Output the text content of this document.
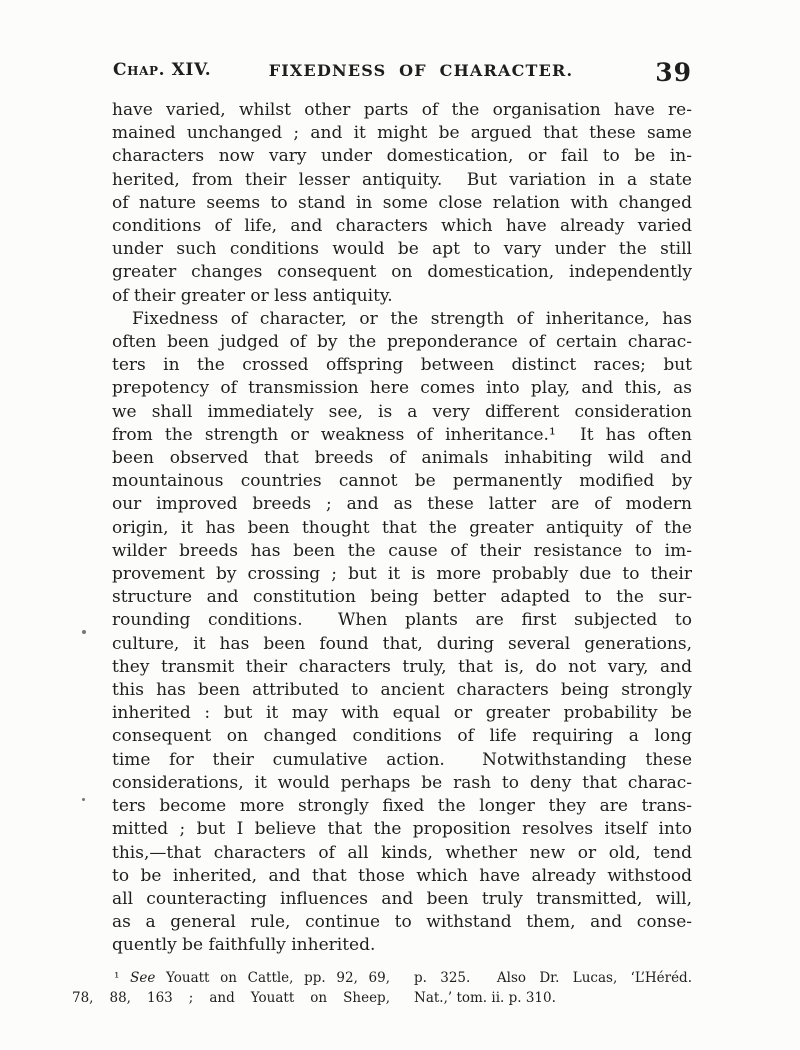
Chap. XIV.	FIXEDNESS OF CHARACTER.	39
have varied, whilst other parts of the organisation have re-
mained unchanged ; and it might be argued that these same
characters now vary under domestication, or fail to be in-
herited, from their lesser antiquity.  But variation in a state
of nature seems to stand in some close relation with changed
conditions of life, and characters which have already varied
under such conditions would be apt to vary under the still
greater changes consequent on domestication, independently
of their greater or less antiquity.
Fixedness of character, or the strength of inheritance, has
often been judged of by the preponderance of certain charac-
ters in the crossed offspring between distinct races; but
prepotency of transmission here comes into play, and this, as
we shall immediately see, is a very different consideration
from the strength or weakness of inheritance.¹  It has often
been observed that breeds of animals inhabiting wild and
mountainous countries cannot be permanently modified by
our improved breeds ; and as these latter are of modern
origin, it has been thought that the greater antiquity of the
wilder breeds has been the cause of their resistance to im-
provement by crossing ; but it is more probably due to their
structure and constitution being better adapted to the sur-
rounding conditions.  When plants are first subjected to
culture, it has been found that, during several generations,
they transmit their characters truly, that is, do not vary, and
this has been attributed to ancient characters being strongly
inherited : but it may with equal or greater probability be
consequent on changed conditions of life requiring a long
time for their cumulative action.  Notwithstanding these
considerations, it would perhaps be rash to deny that charac-
ters become more strongly fixed the longer they are trans-
mitted ; but I believe that the proposition resolves itself into
this,—that characters of all kinds, whether new or old, tend
to be inherited, and that those which have already withstood
all counteracting influences and been truly transmitted, will,
as a general rule, continue to withstand them, and conse-
quently be faithfully inherited.
¹ See Youatt on Cattle, pp. 92, 69,
78, 88, 163 ; and Youatt on Sheep,
p. 325.  Also Dr. Lucas, ‘L’Héréd.
Nat.,’ tom. ii. p. 310.
